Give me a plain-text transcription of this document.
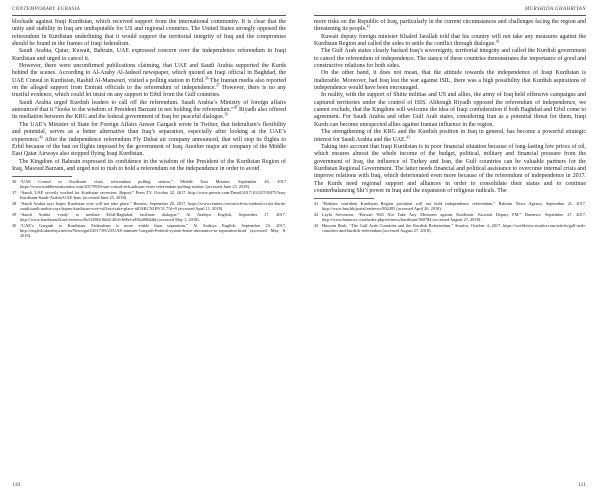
CONTEMPORARY EURASIA

blockade against Iraqi Kurdistan, which received support from the international community. It is clear that the unity and stability in Iraq are undisputable for US and regional countries. The United States strongly opposed the referendum in Kurdistan underlining that it would support the territorial integrity of Iraq and the compromise should be found in the frames of Iraqi federalism.

Saudi Arabia, Qatar, Kuwait, Bahrain, UAE expressed concern over the independence referendum in Iraqi Kurdistan and urged to cancel it.

However, there were unconfirmed publications claiming, that UAE and Saudi Arabia supported the Kurds behind the scenes. According to Al-Araby Al-Jadeed newspaper, which quoted an Iraqi official in Baghdad, the UAE Consul in Kurdistan, Rashid Al-Mansouri, visited a polling station in Erbil.$^{36}$ The Iranian media also reported on the alleged support from Emirati officials to the referendum of independence.$^{37}$ However, there is no any trustful evidence, which could let insist on any support to Erbil from the Gulf countries.

Saudi Arabia urged Kurdish leaders to call off the referendum. Saudi Arabia’s Ministry of foreign affairs announced that it “looks to the wisdom of President Barzani in not holding the referendum.”$^{38}$ Riyadh also offered its mediation between the KRG and the federal government of Iraq for peaceful dialogue.$^{39}$

The UAE’s Minister of State for Foreign Affairs Anwar Gargash wrote in Twitter, that federalism’s flexibility and potential, serves as a better alternative than Iraq’s separation, especially after looking at the UAE’s experience.$^{40}$ After the independence referendum Fly Dubai air company announced, that will stop its flights to Erbil because of the ban on flights imposed by the government of Iraq. Another major air company of the Middle East Qatar Airways also stopped flying Iraqi Kurdistan.

The Kingdom of Bahrain expressed its confidence in the wisdom of the President of the Kurdistan Region of Iraq, Masoud Barzani, and urged not to rush to hold a referendum on the independence in order to avoid

36 “UAE Consul in Kurdistan visits referendum polling station,” Middle East Monitor, September 26, 2017 https://www.middleeastmonitor.com/20170926-uae-consul-in-kurdistan-visits-referendum-polling-station/ (accessed June 25, 2018).
37 “Saudi, UAE secretly worked for Kurdistan secession: Report,” Press TV, October 22, 2017, http://www.presstv.com/Detail/2017/10/22/539475/Iraq-Kurdistan-Saudi-Arabia-UAE-Iran, (accessed June 25, 2018).
38 “Saudi Arabia says hopes Kurdistan vote will not take place,” Reuters, September 20, 2017, https://www.reuters.com/article/us-mideast-crisis-kurds-saudi/saudi-arabia-says-hopes-kurdistan-vote-will-not-take-place-idUSKCN1BV1L7?il=0 (accessed April 11, 2018).
39 “Saudi Arabia ‘ready’ to mediate Erbil-Baghdad, facilitate dialogue,” Al Arabiya English, September 17, 2017, http://www.kurdistan24.net/en/news/8e5269f4-0dd2-40c6-b06d-a856af08ddfd (accessed May 1, 2018).
40 “UAE’s Gargash to Kurdistan: Federalism is more viable than separation,” Al Arabiya English, September 23, 2017, http://english.alarabiya.net/en/News/gulf/2017/09/23/UAE-minister-Gargash-Federal-system-better-alternative-to-separation-html (accessed May 8, 2018).
110
MURSHIDA GHAHRIYAN

more risks on the Republic of Iraq, particularly in the current circumstances and challenges facing the region and threatening its people.$^{41}$

Kuwait deputy foreign minister Khaled Jarallah told that his country will not take any measures against the Kurdistan Region and called the sides to settle the conflict through dialogue.$^{42}$

The Gulf Arab states clearly backed Iraq’s sovereignty, territorial integrity and called the Kurdish government to cancel the referendum of independence. The stance of these countries demonstrates the importance of good and constructive relations for both sides.

On the other hand, it does not mean, that the attitude towards the independence of Iraqi Kurdistan is inalterable. Moreover, had Iraq lost the war against ISIL, there was a high possibility that Kurdish aspirations of independence would have been encouraged.

In reality, with the support of Shiite militias and US and allies, the army of Iraq held offensive campaigns and captured territories under the control of ISIS. Although Riyadh opposed the referendum of independence, we cannot exclude, that the Kingdom will welcome the idea of Iraqi confederation if both Baghdad and Erbil come to agreement. For Saudi Arabia and other Gulf Arab states, considering Iran as a potential threat for them, Iraqi Kurds can become unexpected allies against Iranian influence in the region.

The strengthening of the KRG and the Kurdish position in Iraq in general, has become a powerful strategic interest for Saudi Arabia and the UAE.$^{43}$

Taking into account that Iraqi Kurdistan is in poor financial situation because of long-lasting low prices of oil, which ensures almost the whole income of the budget, political, military and financial pressure from the government of Iraq, the influence of Turkey and Iran, the Gulf countries can be valuable partners for the Kurdistan Regional Government. The latter needs financial and political assistance to overcome internal crisis and improve relations with Iraq, which deteriorated even more because of the referendum of independence in 2017. The Kurds need regional support and alliances in order to consolidate their status and to continue counterbalancing Shi’i power in Iraq and the expansion of religious radicals. The

41 “Bahrain confident Kurdistan Region president will not hold independence referendum,” Bahrain News Agency, September 21, 2017, http://www.bna.bh/portal/en/news/802495 (accessed April 26, 2018).
42 Layla Stevenson, “Kuwait Will Not Take Any Measures against Kurdistan: Kuwaiti Deputy FM,” Basnews, September 27, 2017, http://www.basnews.com/index.php/en/news/kurdistan/380784 (accessed August 27, 2018).
43 Hussein Ibish, “The Gulf Arab Countries and the Kurdish Referendum,” Stratfor, October 4, 2017, https://worldview.stratfor.com/article/gulf-arab-countries-and-kurdish-referendum (accessed August 27, 2018).
111
